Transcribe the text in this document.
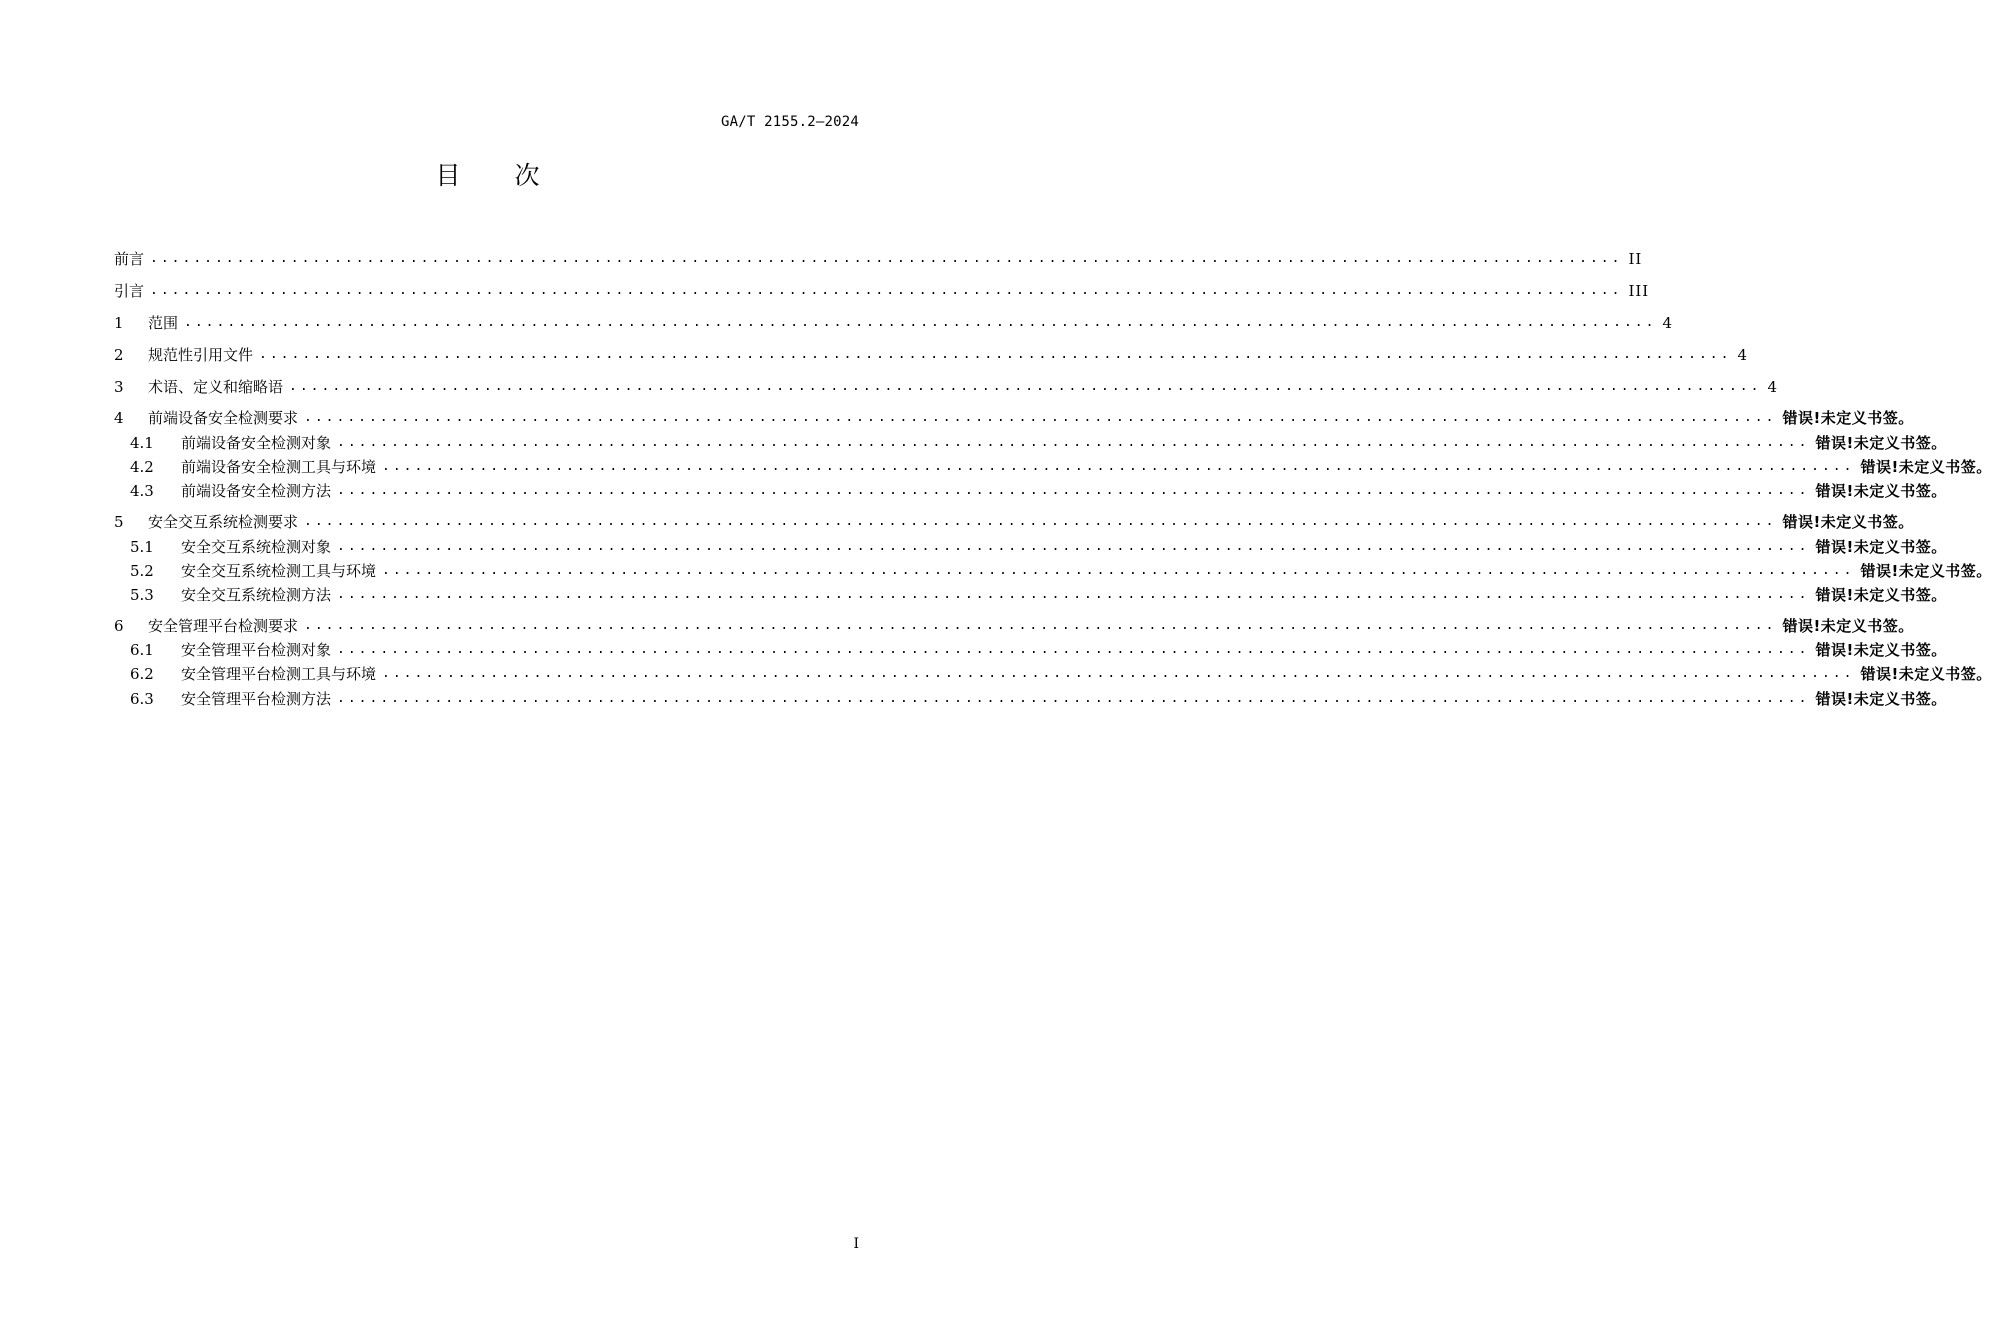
GA/T 2155.2—2024
目 次
前言 ........................................................................................................................................ II
引言 ........................................................................................................................................ III
1	范围 ........................................................................................................................................ 4
2	规范性引用文件 ........................................................................................................................................ 4
3	术语、定义和缩略语 ........................................................................................................................................ 4
4	前端设备安全检测要求 ........................................................................................................................................ 错误!未定义书签。
4.1	前端设备安全检测对象 ........................................................................................................................................ 错误!未定义书签。
4.2	前端设备安全检测工具与环境 ........................................................................................................................................ 错误!未定义书签。
4.3	前端设备安全检测方法 ........................................................................................................................................ 错误!未定义书签。
5	安全交互系统检测要求 ........................................................................................................................................ 错误!未定义书签。
5.1	安全交互系统检测对象 ........................................................................................................................................ 错误!未定义书签。
5.2	安全交互系统检测工具与环境 ........................................................................................................................................ 错误!未定义书签。
5.3	安全交互系统检测方法 ........................................................................................................................................ 错误!未定义书签。
6	安全管理平台检测要求 ........................................................................................................................................ 错误!未定义书签。
6.1	安全管理平台检测对象 ........................................................................................................................................ 错误!未定义书签。
6.2	安全管理平台检测工具与环境 ........................................................................................................................................ 错误!未定义书签。
6.3	安全管理平台检测方法 ........................................................................................................................................ 错误!未定义书签。
I
